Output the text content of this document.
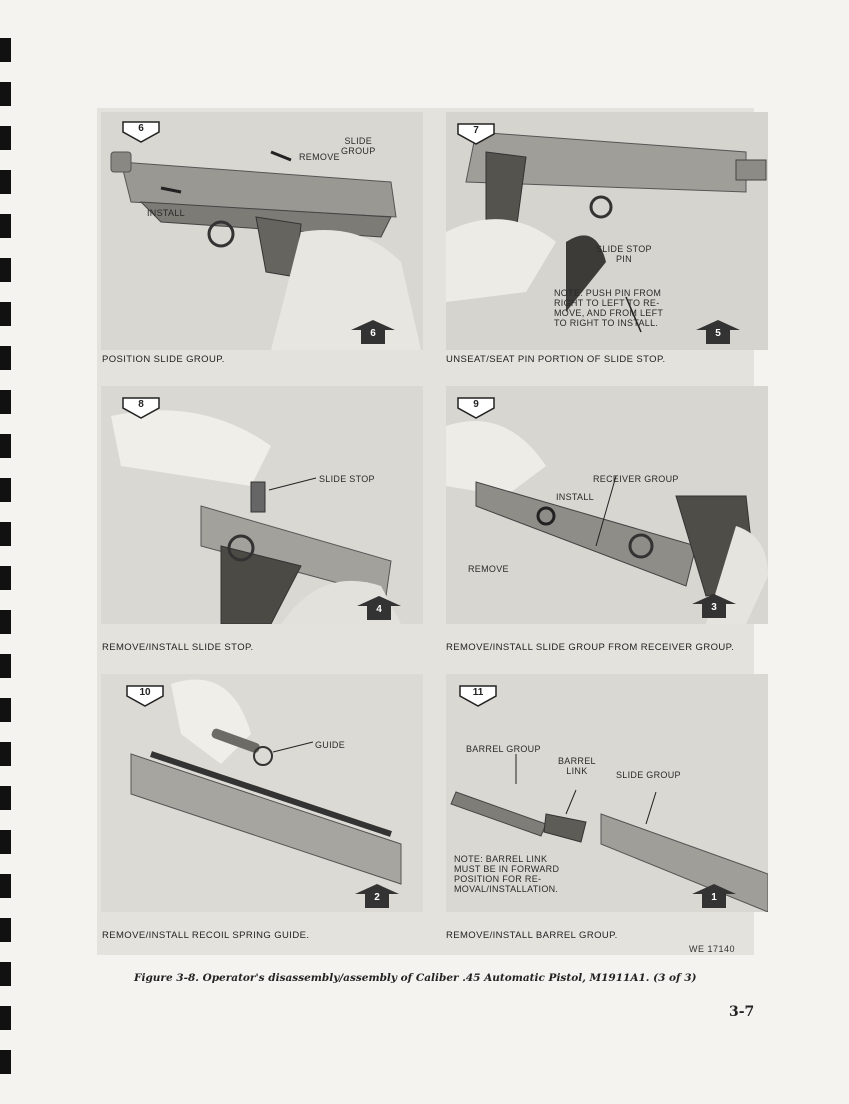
6
SLIDE
GROUP
REMOVE
INSTALL
6
POSITION SLIDE GROUP.
7
SLIDE STOP
PIN
NOTE: PUSH PIN FROM
RIGHT TO LEFT TO RE-
MOVE, AND FROM LEFT
TO RIGHT TO INSTALL.
5
UNSEAT/SEAT PIN PORTION OF SLIDE STOP.
8
SLIDE STOP
4
REMOVE/INSTALL SLIDE STOP.
9
RECEIVER GROUP
INSTALL
REMOVE
3
REMOVE/INSTALL SLIDE GROUP FROM RECEIVER GROUP.
10
GUIDE
2
REMOVE/INSTALL RECOIL SPRING GUIDE.
11
BARREL GROUP
BARREL
LINK	SLIDE GROUP
NOTE: BARREL LINK
MUST BE IN FORWARD
POSITION FOR RE-
MOVAL/INSTALLATION.
1
REMOVE/INSTALL BARREL GROUP.
WE 17140
Figure 3-8. Operator's disassembly/assembly of Caliber .45 Automatic Pistol, M1911A1. (3 of 3)
3-7
